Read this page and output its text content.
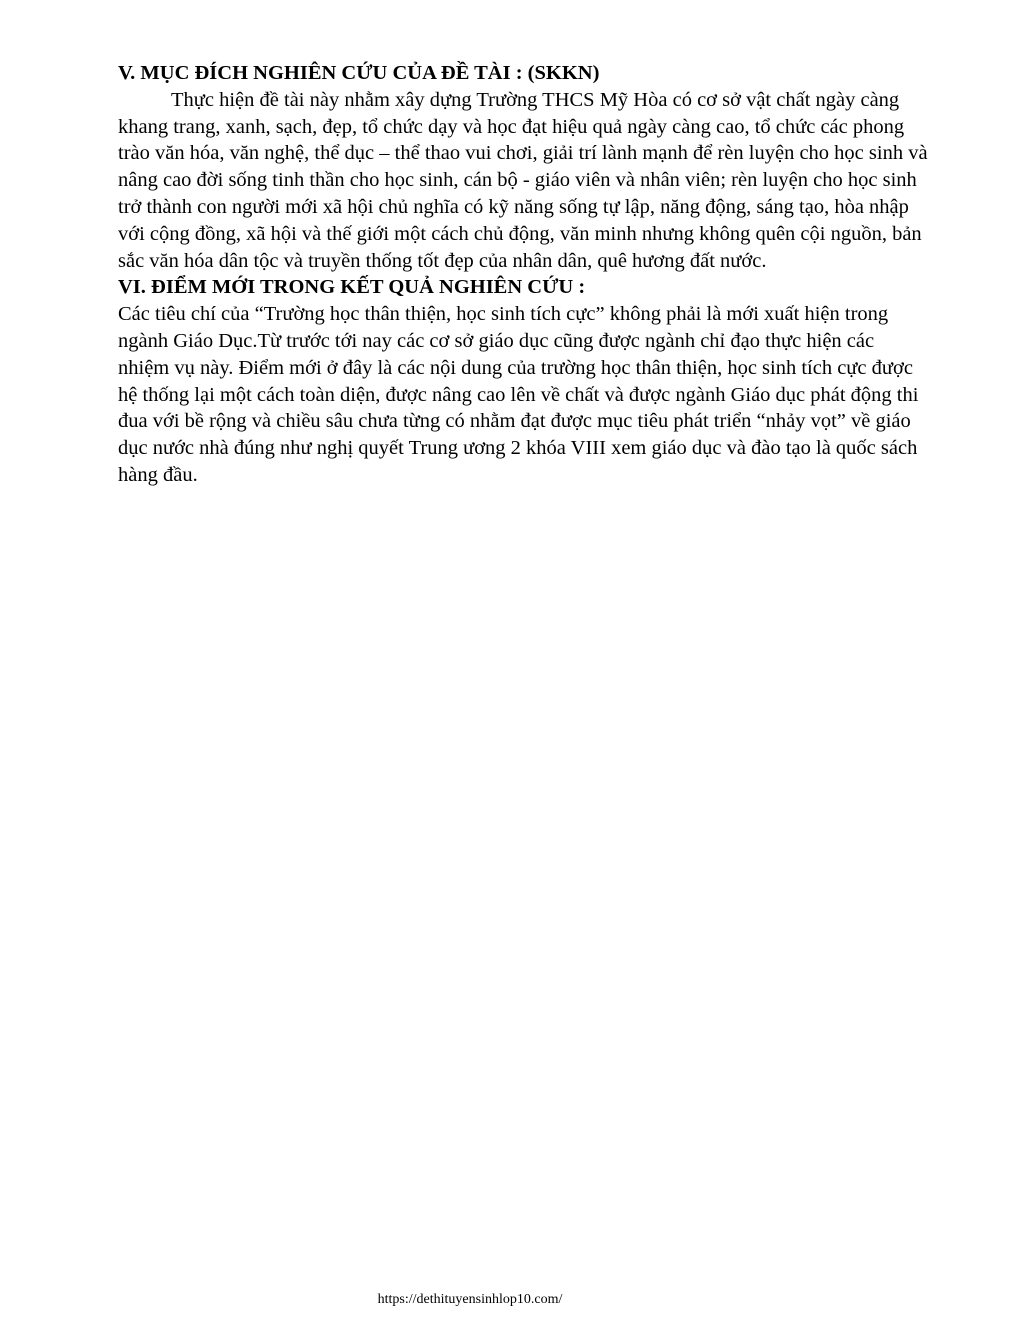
V. MỤC ĐÍCH NGHIÊN CỨU CỦA ĐỀ TÀI : (SKKN)

Thực hiện đề tài này nhằm xây dựng Trường THCS Mỹ Hòa có cơ sở vật chất ngày càng khang trang, xanh, sạch, đẹp, tổ chức dạy và học đạt hiệu quả ngày càng cao, tổ chức các phong trào văn hóa, văn nghệ, thể dục – thể thao vui chơi, giải trí lành mạnh để rèn luyện cho học sinh và nâng cao đời sống tinh thần cho học sinh, cán bộ - giáo viên và nhân viên; rèn luyện cho học sinh trở thành con người mới xã hội chủ nghĩa có kỹ năng sống tự lập, năng động, sáng tạo, hòa nhập với cộng đồng, xã hội và thế giới một cách chủ động, văn minh nhưng không quên cội nguồn, bản sắc văn hóa dân tộc và truyền thống tốt đẹp của nhân dân, quê hương đất nước.

VI. ĐIỂM MỚI TRONG KẾT QUẢ NGHIÊN CỨU :

Các tiêu chí của “Trường học thân thiện, học sinh tích cực” không phải là mới xuất hiện trong ngành Giáo Dục.Từ trước tới nay các cơ sở giáo dục cũng được ngành chỉ đạo thực hiện các nhiệm vụ này. Điểm mới ở đây là các nội dung của trường học thân thiện, học sinh tích cực được hệ thống lại một cách toàn diện, được nâng cao lên về chất và được ngành Giáo dục phát động thi đua với bề rộng và chiều sâu chưa từng có nhằm đạt được mục tiêu phát triển “nhảy vọt” về giáo dục nước nhà đúng như nghị quyết Trung ương 2 khóa VIII xem giáo dục và đào tạo là quốc sách hàng đầu.

https://dethituyensinhlop10.com/
